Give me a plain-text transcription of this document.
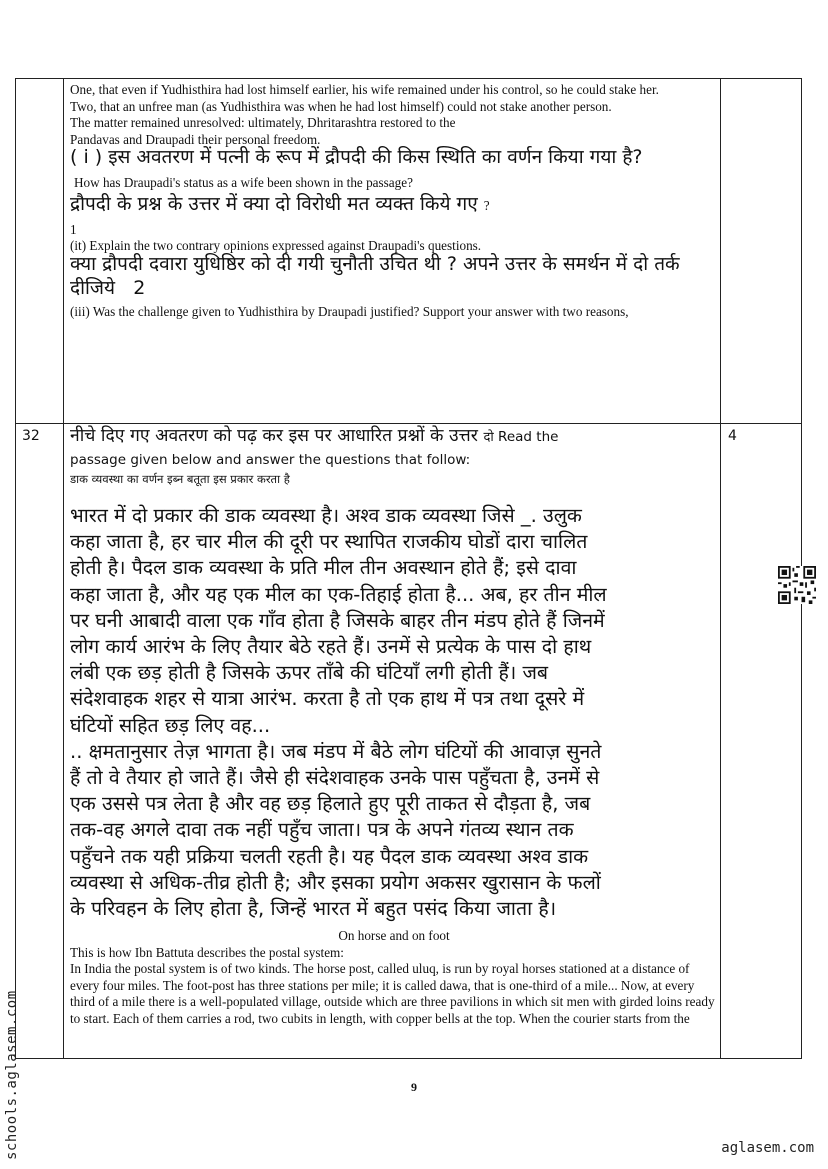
One, that even if Yudhisthira had lost himself earlier, his wife remained under his control, so he could stake her.

Two, that an unfree man (as Yudhisthira was when he had lost himself) could not stake another person.

The matter remained unresolved: ultimately, Dhritarashtra restored to the

Pandavas and Draupadi their personal freedom.

( i ) इस अवतरण में पत्नी के रूप में द्रौपदी की किस स्थिति का वर्णन किया गया है?

How has Draupadi's status as a wife been shown in the passage?

द्रौपदी के प्रश्न के उत्तर में क्या दो विरोधी मत व्यक्त किये गए ?

1

(it) Explain the two contrary opinions expressed against Draupadi's questions.

क्या द्रौपदी दवारा युधिष्ठिर को दी गयी चुनौती उचित थी ? अपने उत्तर के समर्थन में दो तर्क दीजिये 2

(iii) Was the challenge given to Yudhisthira by Draupadi justified? Support your answer with two reasons,

32	4

नीचे दिए गए अवतरण को पढ़ कर इस पर आधारित प्रश्नों के उत्तर दो Read the

passage given below and answer the questions that follow:

डाक व्यवस्था का वर्णन इब्न बतूता इस प्रकार करता है

भारत में दो प्रकार की डाक व्यवस्था है। अश्व डाक व्यवस्था जिसे _. उलुक

कहा जाता है, हर चार मील की दूरी पर स्थापित राजकीय घोडों दारा चालित

होती है। पैदल डाक व्यवस्था के प्रति मील तीन अवस्थान होते हैं; इसे दावा

कहा जाता है, और यह एक मील का एक-तिहाई होता है... अब, हर तीन मील

पर घनी आबादी वाला एक गाँव होता है जिसके बाहर तीन मंडप होते हैं जिनमें

लोग कार्य आरंभ के लिए तैयार बेठे रहते हैं। उनमें से प्रत्येक के पास दो हाथ

लंबी एक छड़ होती है जिसके ऊपर ताँबे की घंटियाँ लगी होती हैं। जब

संदेशवाहक शहर से यात्रा आरंभ. करता है तो एक हाथ में पत्र तथा दूसरे में

घंटियों सहित छड़ लिए वह...

.. क्षमतानुसार तेज़ भागता है। जब मंडप में बैठे लोग घंटियों की आवाज़ सुनते

हैं तो वे तैयार हो जाते हैं। जैसे ही संदेशवाहक उनके पास पहुँचता है, उनमें से

एक उससे पत्र लेता है और वह छड़ हिलाते हुए पूरी ताकत से दौड़ता है, जब

तक-वह अगले दावा तक नहीं पहुँच जाता। पत्र के अपने गंतव्य स्थान तक

पहुँचने तक यही प्रक्रिया चलती रहती है। यह पैदल डाक व्यवस्था अश्व डाक

व्यवस्था से अधिक-तीव्र होती है; और इसका प्रयोग अकसर खुरासान के फलों

के परिवहन के लिए होता है, जिन्हें भारत में बहुत पसंद किया जाता है।

On horse and on foot

This is how Ibn Battuta describes the postal system:

In India the postal system is of two kinds. The horse post, called uluq, is run by royal horses stationed at a distance of every four miles. The foot-post has three stations per mile; it is called dawa, that is one-third of a mile... Now, at every third of a mile there is a well-populated village, outside which are three pavilions in which sit men with girded loins ready to start. Each of them carries a rod, two cubits in length, with copper bells at the top. When the courier starts from the

9
schools.aglasem.com	aglasem.com
